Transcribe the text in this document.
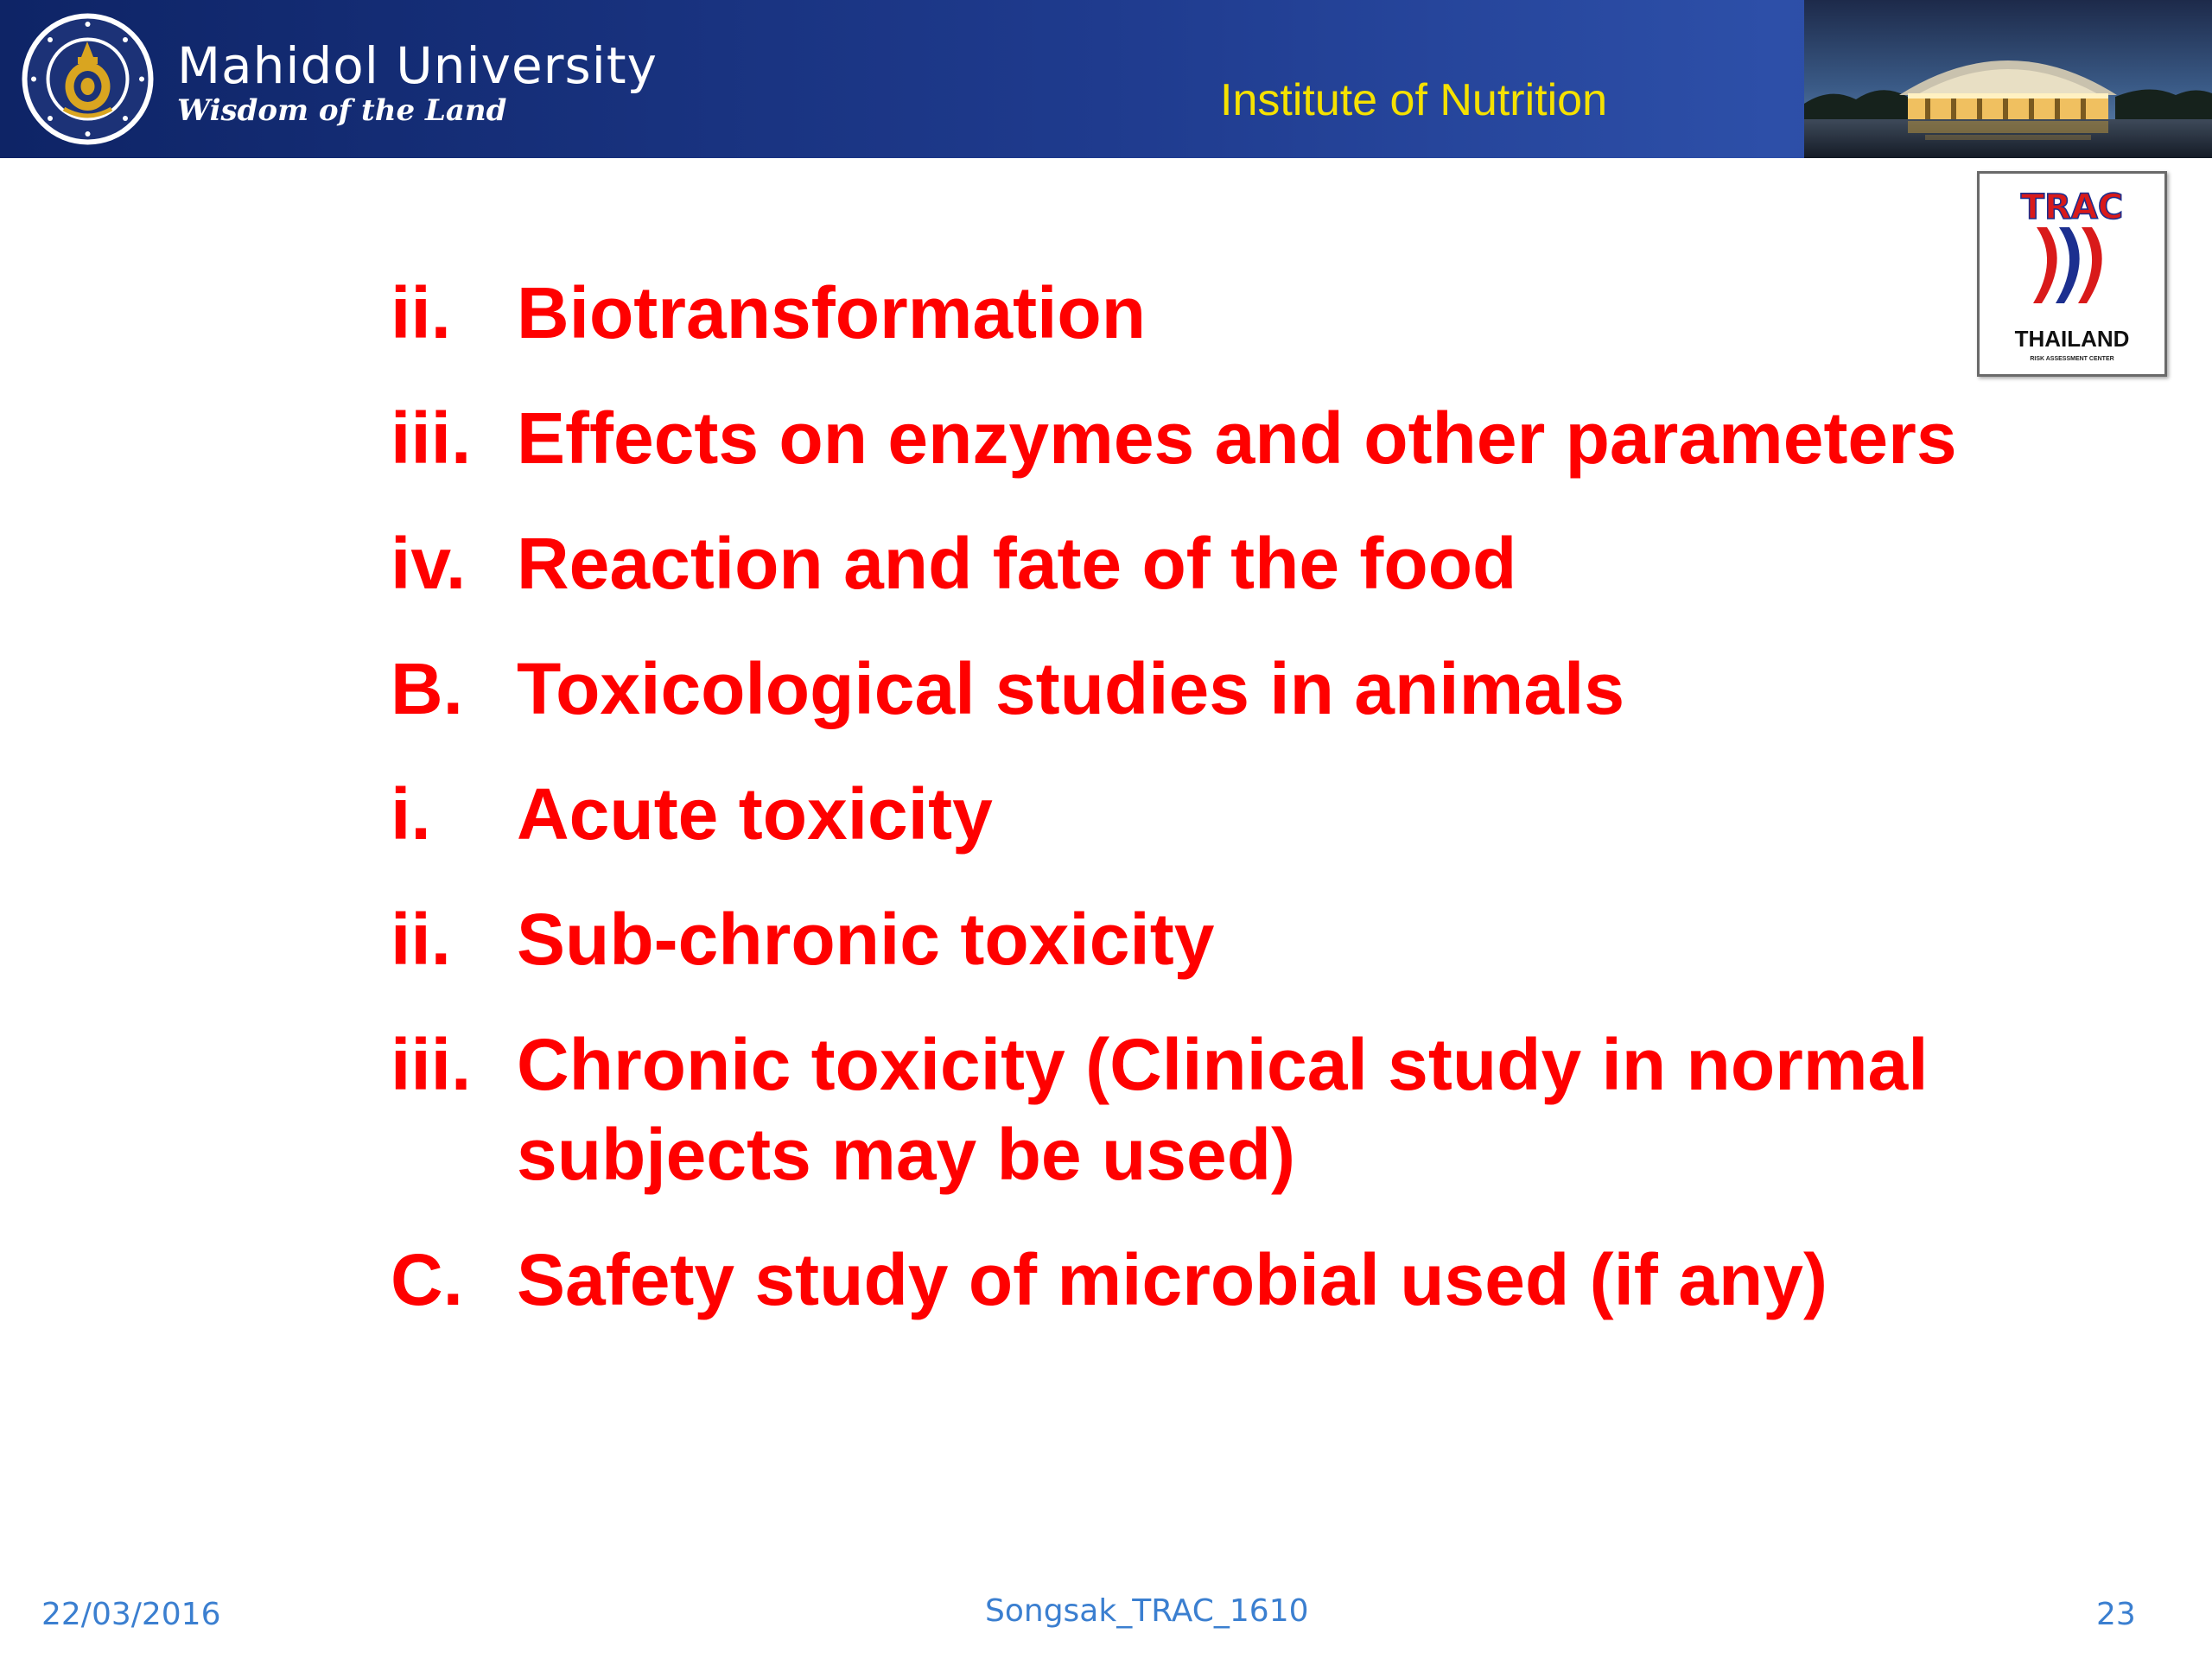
Mahidol University
Wisdom of the Land	Institute of Nutrition
TRAC
THAILAND
RISK ASSESSMENT CENTER
ii. Biotransformation
iii. Effects on enzymes and other parameters
iv. Reaction and fate of the food
B. Toxicological studies in animals
i.	Acute toxicity
ii. Sub-chronic toxicity
iii. Chronic toxicity (Clinical study in normal subjects may be used)
C. Safety study of microbial used (if any)
22/03/2016	Songsak_TRAC_1610	23
